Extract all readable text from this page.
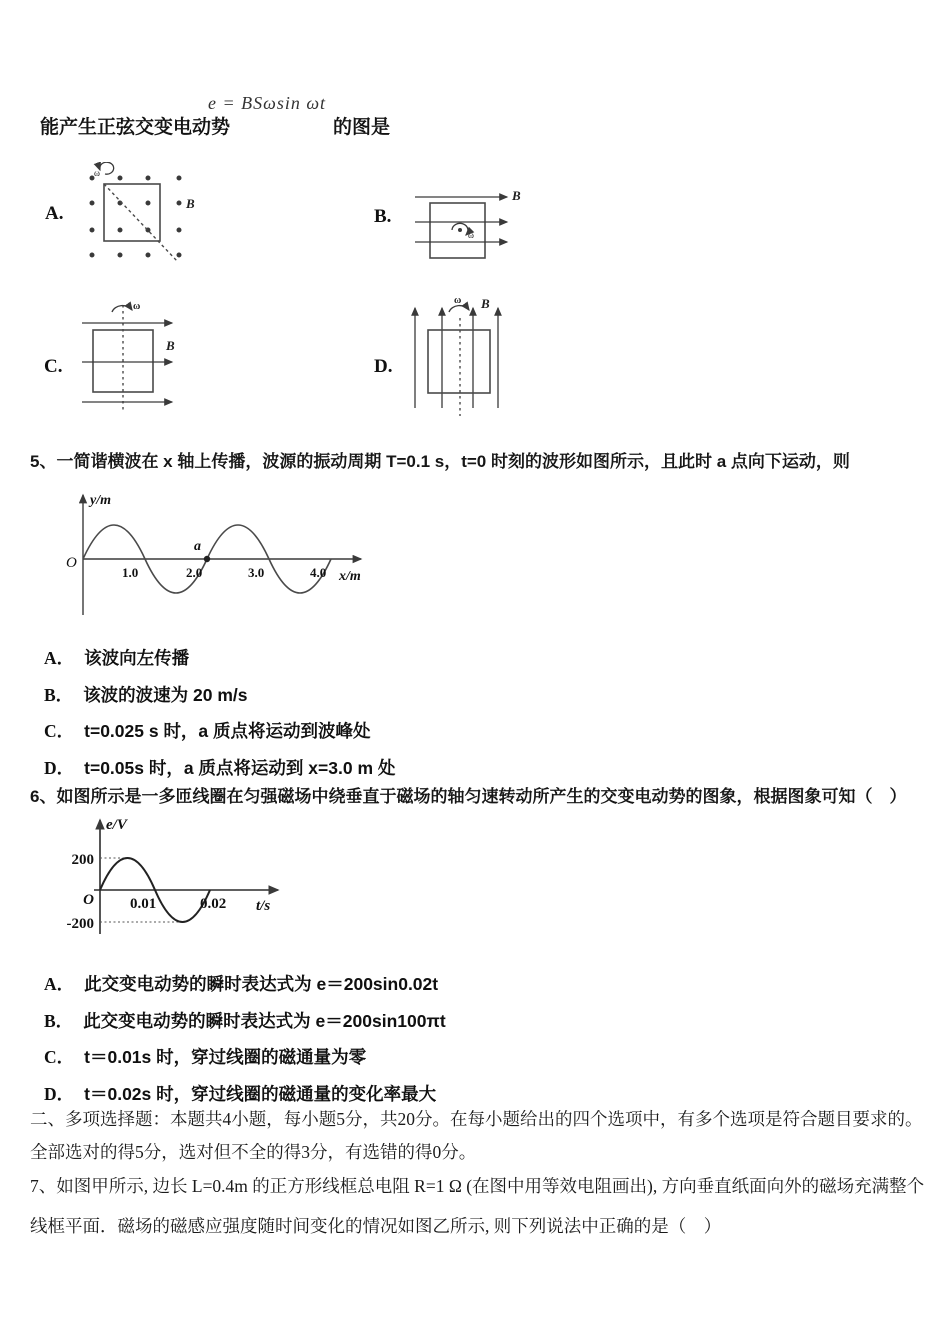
能产生正弦交变电动势
e = BSωsin ωt
的图是
A.
ω
B
B.
ω
B
C.
ω
B
D.
ω B
5、一简谐横波在 x 轴上传播，波源的振动周期 T=0.1 s，t=0 时刻的波形如图所示，且此时 a 点向下运动，则
a
O
y/m
x/m
1.0	2.0	3.0	4.0
A． 该波向左传播
B． 该波的波速为 20 m/s
C． t=0.025 s 时，a 质点将运动到波峰处
D． t=0.05s 时，a 质点将运动到 x=3.0 m 处
6、如图所示是一多匝线圈在匀强磁场中绕垂直于磁场的轴匀速转动所产生的交变电动势的图象，根据图象可知（　）
e/V
200
O
-200
0.01	0.02 t/s
A． 此交变电动势的瞬时表达式为 e＝200sin0.02t
B． 此交变电动势的瞬时表达式为 e＝200sin100πt
C． t＝0.01s 时，穿过线圈的磁通量为零
D． t＝0.02s 时，穿过线圈的磁通量的变化率最大
二、多项选择题：本题共4小题，每小题5分，共20分。在每小题给出的四个选项中，有多个选项是符合题目要求的。全部选对的得5分，选对但不全的得3分，有选错的得0分。
7、如图甲所示, 边长 L=0.4m 的正方形线框总电阻 R=1 Ω (在图中用等效电阻画出), 方向垂直纸面向外的磁场充满整个线框平面．磁场的磁感应强度随时间变化的情况如图乙所示, 则下列说法中正确的是（　）
